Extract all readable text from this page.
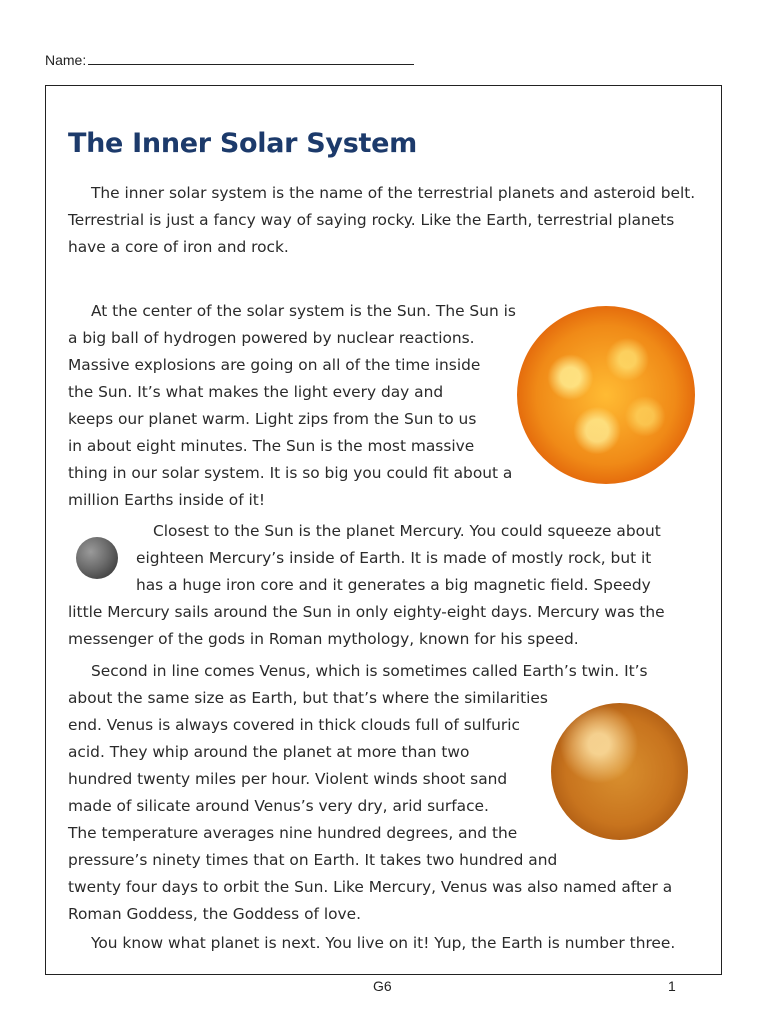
Name:
The Inner Solar System

The inner solar system is the name of the terrestrial planets and asteroid belt. Terrestrial is just a fancy way of saying rocky. Like the Earth, terrestrial planets have a core of iron and rock.

At the center of the solar system is the Sun. The Sun is
a big ball of hydrogen powered by nuclear reactions.
Massive explosions are going on all of the time inside
the Sun. It’s what makes the light every day and
keeps our planet warm. Light zips from the Sun to us
in about eight minutes. The Sun is the most massive
thing in our solar system. It is so big you could fit about a
million Earths inside of it!
Closest to the Sun is the planet Mercury. You could squeeze about
eighteen Mercury’s inside of Earth. It is made of mostly rock, but it
has a huge iron core and it generates a big magnetic field. Speedy
little Mercury sails around the Sun in only eighty-eight days. Mercury was the
messenger of the gods in Roman mythology, known for his speed.
Second in line comes Venus, which is sometimes called Earth’s twin. It’s
about the same size as Earth, but that’s where the similarities
end. Venus is always covered in thick clouds full of sulfuric
acid. They whip around the planet at more than two
hundred twenty miles per hour. Violent winds shoot sand
made of silicate around Venus’s very dry, arid surface.
The temperature averages nine hundred degrees, and the
pressure’s ninety times that on Earth. It takes two hundred and
twenty four days to orbit the Sun. Like Mercury, Venus was also named after a
Roman Goddess, the Goddess of love.
You know what planet is next. You live on it! Yup, the Earth is number three.
G6	1
